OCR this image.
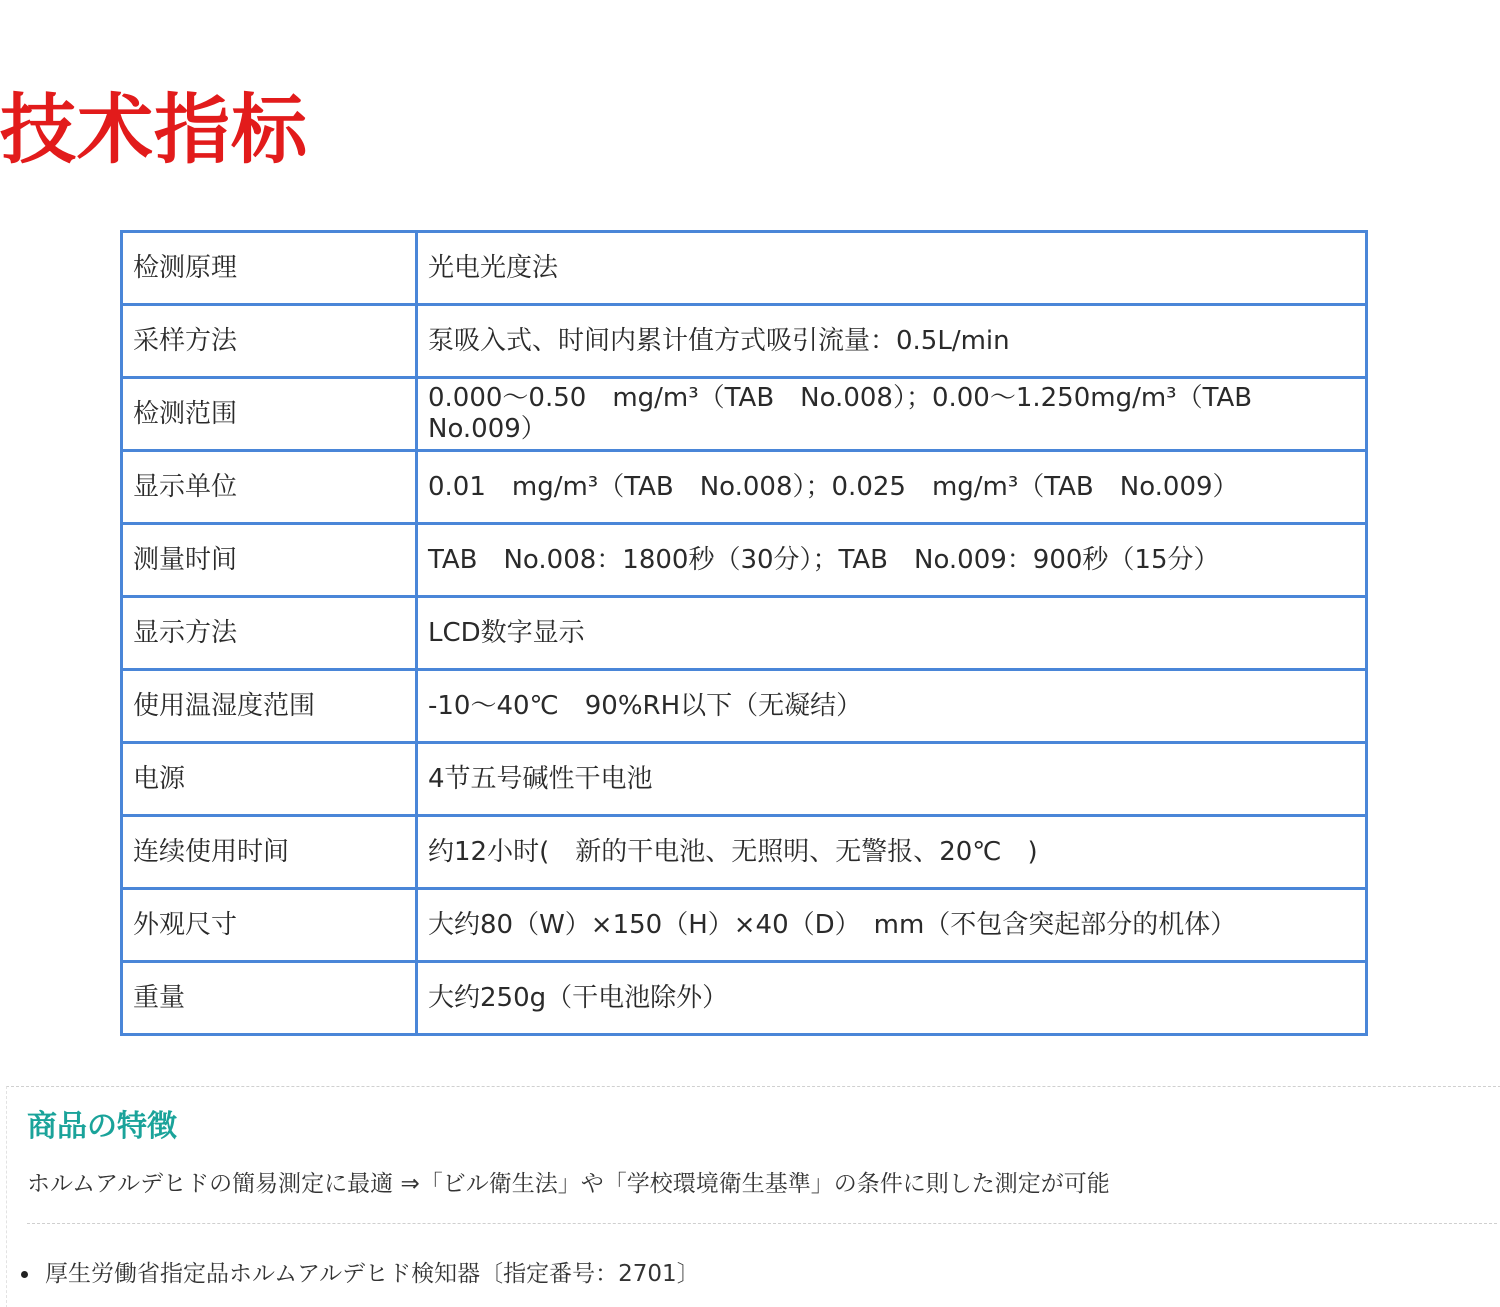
技术指标
检测原理	光电光度法
采样方法	泵吸入式、时间内累计值方式吸引流量：0.5L/min
检测范围	0.000～0.50　mg/m³（TAB　No.008）；0.00～1.250mg/m³（TAB　No.009）
显示单位	0.01　mg/m³（TAB　No.008）；0.025　mg/m³（TAB　No.009）
测量时间	TAB　No.008：1800秒（30分）；TAB　No.009：900秒（15分）
显示方法	LCD数字显示
使用温湿度范围	-10～40℃　90%RH以下（无凝结）
电源	4节五号碱性干电池
连续使用时间	约12小时(　新的干电池、无照明、无警报、20℃　)
外观尺寸	大约80（W）×150（H）×40（D）　mm（不包含突起部分的机体）
重量	大约250g（干电池除外）
商品の特徴

ホルムアルデヒドの簡易測定に最適 ⇒「ビル衛生法」や「学校環境衛生基準」の条件に則した測定が可能

厚生労働省指定品ホルムアルデヒド検知器〔指定番号：2701〕
